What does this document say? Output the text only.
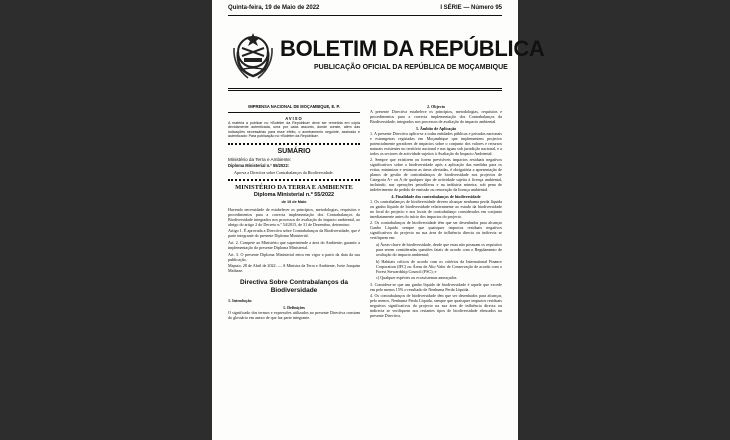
Quinta-feira, 19 de Maio de 2022	I SÉRIE — Número 95
BOLETIM DA REPÚBLICA
PUBLICAÇÃO OFICIAL DA REPÚBLICA DE MOÇAMBIQUE
IMPRENSA NACIONAL DE MOÇAMBIQUE, E. P.
AVISO

A matéria a publicar no «Boletim da República» deve ser remetida em cópia devidamente autenticada, uma por cada assunto, donde conste, além das indicações necessárias para esse efeito, o averbamento seguinte, assinado e autenticado: Para publicação no «Boletim da República».

SUMÁRIO

Ministério da Terra e Ambiente:

Diploma Ministerial n.º 55/2022:

Aprova a Directiva sobre Contrabalanços da Biodiversidade.

MINISTÉRIO DA TERRA E AMBIENTE
Diploma Ministerial n.º 55/2022
de 19 de Maio

Havendo necessidade de estabelecer os princípios, metodologias, requisitos e procedimentos para a correcta implementação dos Contrabalanços da Biodiversidade integrados nos processos de avaliação do impacto ambiental, ao abrigo do artigo 2 do Decreto n.º 54/2015, de 31 de Dezembro, determino:

Artigo 1. É aprovada a Directiva sobre Contrabalanços da Biodiversidade, que é parte integrante do presente Diploma Ministerial.

Art. 2. Compete ao Ministério que superintende a área do Ambiente, garantir a implementação do presente Diploma Ministerial.

Art. 3. O presente Diploma Ministerial entra em vigor a partir da data da sua publicação.

Maputo, 28 de Abril de 2022. — A Ministra da Terra e Ambiente, Ivete Joaquim Maibaze.

Directiva Sobre Contrabalanços da Biodiversidade
1. Introdução
1. Definições

O significado dos termos e expressões utilizados no presente Directiva constam do glossário em anexo de que faz parte integrante.

2. Objecto

A presente Directiva estabelece os princípios, metodologias, requisitos e procedimentos para a correcta implementação dos Contrabalanços da Biodiversidade, integrados nos processos de avaliação do impacto ambiental.

3. Âmbito de Aplicação

1. A presente Directiva aplica-se a todas entidades públicas e privadas nacionais e estrangeiras registadas em Moçambique que implementem projectos potencialmente geradores de impactos sobre o conjunto dos valores e recursos naturais existentes no território nacional e nas águas sob jurisdição nacional, e a todos os sectores de actividade sujeitos à Avaliação do Impacto Ambiental.

2. Sempre que existirem ou forem previsíveis impactos residuais negativos significativos sobre a biodiversidade após a aplicação das medidas para os evitar, minimizar e restaurar as áreas afectadas, é obrigatória a apresentação de planos de gestão de contrabalanços de biodiversidade nos projectos de Categoria A+ ou A de qualquer tipo de actividade sujeita à licença ambiental, incluindo, nas operações petrolíferas e na indústria mineira, sob pena de indeferimento do pedido de emissão ou renovação da licença ambiental.

4. Finalidade dos contrabalanços de biodiversidade

1. Os contrabalanços de biodiversidade devem alcançar nenhuma perda líquida ou ganho líquido de biodiversidade relativamente ao estado da biodiversidade no local do projecto e nos locais de contrabalanço considerados em conjunto imediatamente antes do início dos impactos do projecto.

2. Os contrabalanços de biodiversidade têm que ser desenhados para alcançar Ganho Líquido sempre que quaisquer impactos residuais negativos significativos do projecto na sua área de influência directa ou indirecta se verifiquem em:

a) Áreas-chave de biodiversidade, desde que estas não possuam os requisitos para serem consideradas questões fatais de acordo com o Regulamento de avaliação do impacto ambiental;

b) Habitats críticos de acordo com os critérios da International Finance Corporation (IFC) ou Áreas de Alto Valor de Conservação de acordo com o Forest Stewardship Council (FSC); e

c) Qualquer espécies ou ecossistemas ameaçados.

3. Considera-se que um ganho líquido de biodiversidade é aquele que excede em pelo menos 15% o resultado de Nenhuma Perda Líquida.

4. Os contrabalanços de biodiversidade têm que ser desenhados para alcançar, pelo menos, Nenhuma Perda Líquida, sempre que quaisquer impactos residuais negativos significativos do projecto na sua área de influência directa ou indirecta se verifiquem nos restantes tipos de biodiversidade elencados na presente Directiva.
